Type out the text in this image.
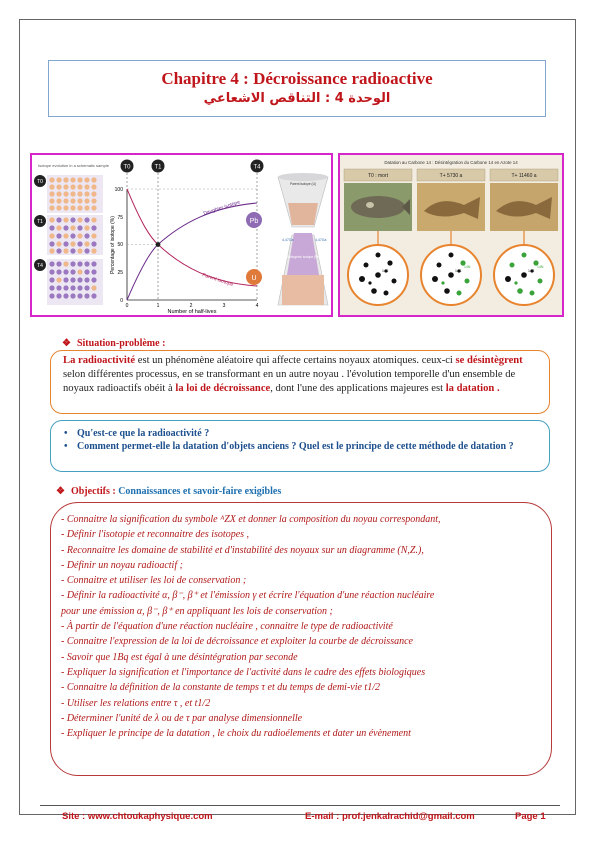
Chapitre 4 : Décroissance radioactive
الوحدة 4 : التناقص الاشعاعي
Isotope evolution in a schematic sample
T0
T1
T4
T0	T1	T4
100
75
50
25
0
0	1	2	3	4
Number of half-lives
Percentage of isotope (%)
Daughter isotope
Parent isotope
Pb
U
Parent isotope (U)
4,47Ga	4,47Ga
Radiogenic isotope (Pb)
Datation au Carbone 14 : Désintégration du Carbone 14 en Azote 14
T0 : mort
14C
T+ 5730 a
14C
14N
T+ 11460 a
14C
14N
❖ Situation-problème :
La radioactivité est un phénomène aléatoire qui affecte certains noyaux atomiques. ceux-ci se désintègrent selon différentes processus, en se transformant en un autre noyau . l'évolution temporelle d'un ensemble de noyaux radioactifs obéit à la loi de décroissance, dont l'une des applications majeures est la datation .
• Qu'est-ce que la radioactivité ?
• Comment permet-elle la datation d'objets anciens ? Quel est le principe de cette méthode de datation ?
❖ Objectifs : Connaissances et savoir-faire exigibles
- Connaitre la signification du symbole ᴬZX et donner la composition du noyau correspondant,
- Définir l'isotopie et reconnaitre des isotopes ,
- Reconnaitre les domaine de stabilité et d'instabilité des noyaux sur un diagramme (N,Z.),
- Définir un noyau radioactif ;
- Connaitre et utiliser les loi de conservation ;
- Définir la radioactivité α, β⁻, β⁺ et l'émission γ et écrire l'équation d'une réaction nucléaire
pour une émission α, β⁻, β⁺ en appliquant les lois de conservation ;
- À partir de l'équation d'une réaction nucléaire , connaitre le type de radioactivité
- Connaitre l'expression de la loi de décroissance et exploiter la courbe de décroissance
- Savoir que 1Bq est égal à une désintégration par seconde
- Expliquer la signification et l'importance de l'activité dans le cadre des effets biologiques
- Connaitre la définition de la constante de temps τ et du temps de demi-vie t1/2
- Utiliser les relations entre τ , et t1/2
- Déterminer l'unité de λ ou de τ par analyse dimensionnelle
- Expliquer le principe de la datation , le choix du radioélements et dater un évènement
Site : www.chtoukaphysique.com	E-mail : prof.jenkalrachid@gmail.com	Page 1
